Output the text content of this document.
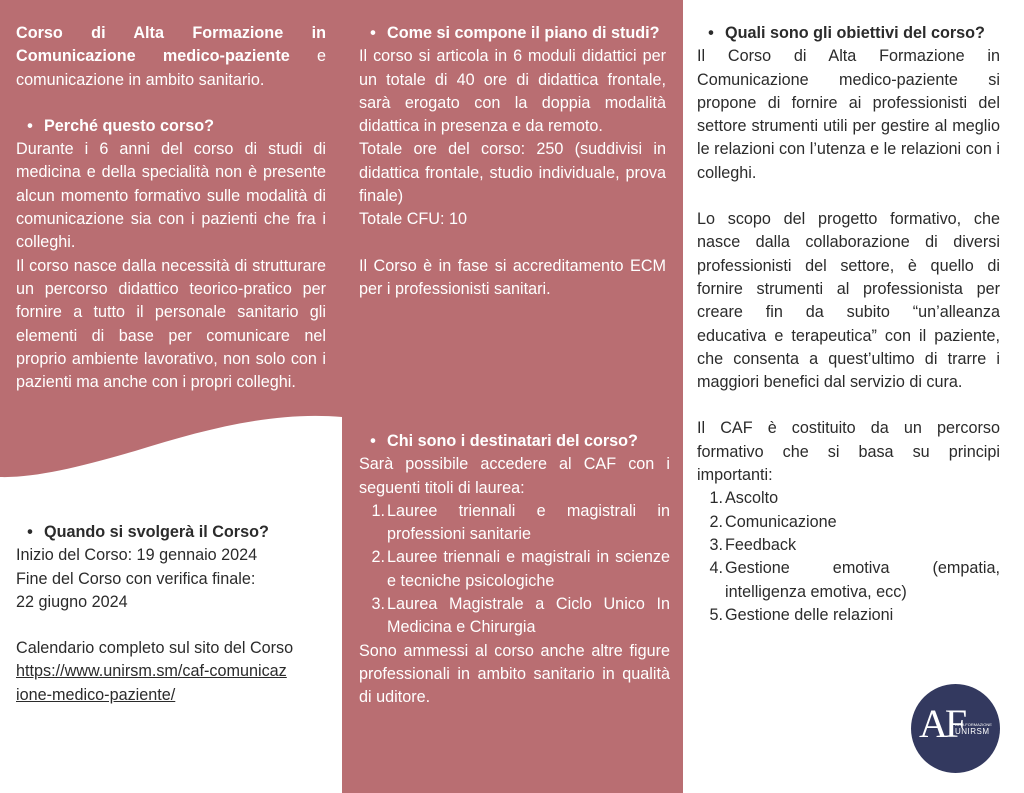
Corso di Alta Formazione in Comunicazione medico-paziente e comunicazione in ambito sanitario.

• Perché questo corso?

Durante i 6 anni del corso di studi di medicina e della specialità non è presente alcun momento formativo sulle modalità di comunicazione sia con i pazienti che fra i colleghi.

Il corso nasce dalla necessità di strutturare un percorso didattico teorico-pratico per fornire a tutto il personale sanitario gli elementi di base per comunicare nel proprio ambiente lavorativo, non solo con i pazienti ma anche con i propri colleghi.

• Quando si svolgerà il Corso?
Inizio del Corso: 19 gennaio 2024
Fine del Corso con verifica finale:
22 giugno 2024
Calendario completo sul sito del Corso
https://www.unirsm.sm/caf-comunicazione-medico-paziente/
• Come si compone il piano di studi?

Il corso si articola in 6 moduli didattici per un totale di 40 ore di didattica frontale, sarà erogato con la doppia modalità didattica in presenza e da remoto.

Totale ore del corso: 250 (suddivisi in didattica frontale, studio individuale, prova finale)

Totale CFU: 10

Il Corso è in fase si accreditamento ECM per i professionisti sanitari.

• Chi sono i destinatari del corso?

Sarà possibile accedere al CAF con i seguenti titoli di laurea:

1. Lauree triennali e magistrali in professioni sanitarie
2. Lauree triennali e magistrali in scienze e tecniche psicologiche
3. Laurea Magistrale a Ciclo Unico In Medicina e Chirurgia

Sono ammessi al corso anche altre figure professionali in ambito sanitario in qualità di uditore.

• Quali sono gli obiettivi del corso?

Il Corso di Alta Formazione in Comunicazione medico-paziente si propone di fornire ai professionisti del settore strumenti utili per gestire al meglio le relazioni con l’utenza e le relazioni con i colleghi.

Lo scopo del progetto formativo, che nasce dalla collaborazione di diversi professionisti del settore, è quello di fornire strumenti al professionista per creare fin da subito “un’alleanza educativa e terapeutica” con il paziente, che consenta a quest’ultimo di trarre i maggiori benefici dal servizio di cura.

Il CAF è costituito da un percorso formativo che si basa su principi importanti:

1. Ascolto
2. Comunicazione
3. Feedback
4. Gestione emotiva (empatia, intelligenza emotiva, ecc)
5. Gestione delle relazioni
AF
ALTA FORMAZIONE
UNIRSM
